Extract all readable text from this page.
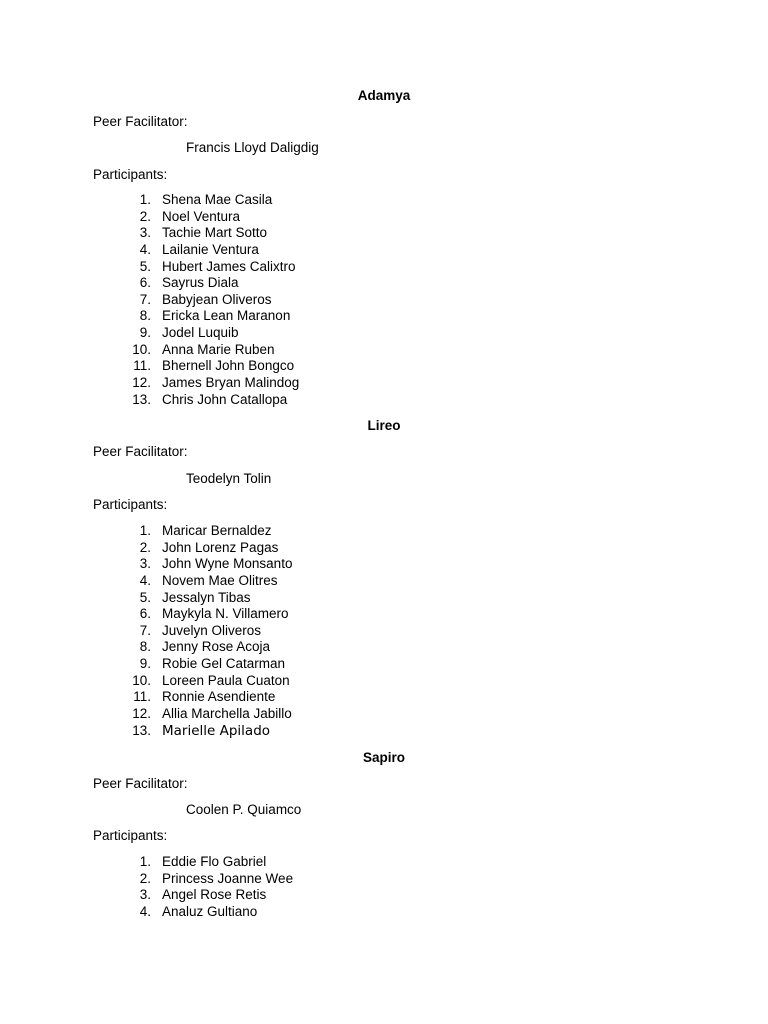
Adamya
Peer Facilitator:
Francis Lloyd Daligdig
Participants:
1. Shena Mae Casila
2. Noel Ventura
3. Tachie Mart Sotto
4. Lailanie Ventura
5. Hubert James Calixtro
6. Sayrus Diala
7. Babyjean Oliveros
8. Ericka Lean Maranon
9. Jodel Luquib
10. Anna Marie Ruben
11. Bhernell John Bongco
12. James Bryan Malindog
13. Chris John Catallopa
Lireo
Peer Facilitator:
Teodelyn Tolin
Participants:
1. Maricar Bernaldez
2. John Lorenz Pagas
3. John Wyne Monsanto
4. Novem Mae Olitres
5. Jessalyn Tibas
6. Maykyla N. Villamero
7. Juvelyn Oliveros
8. Jenny Rose Acoja
9. Robie Gel Catarman
10. Loreen Paula Cuaton
11. Ronnie Asendiente
12. Allia Marchella Jabillo
13. Marielle Apilado
Sapiro
Peer Facilitator:
Coolen P. Quiamco
Participants:
1. Eddie Flo Gabriel
2. Princess Joanne Wee
3. Angel Rose Retis
4. Analuz Gultiano
